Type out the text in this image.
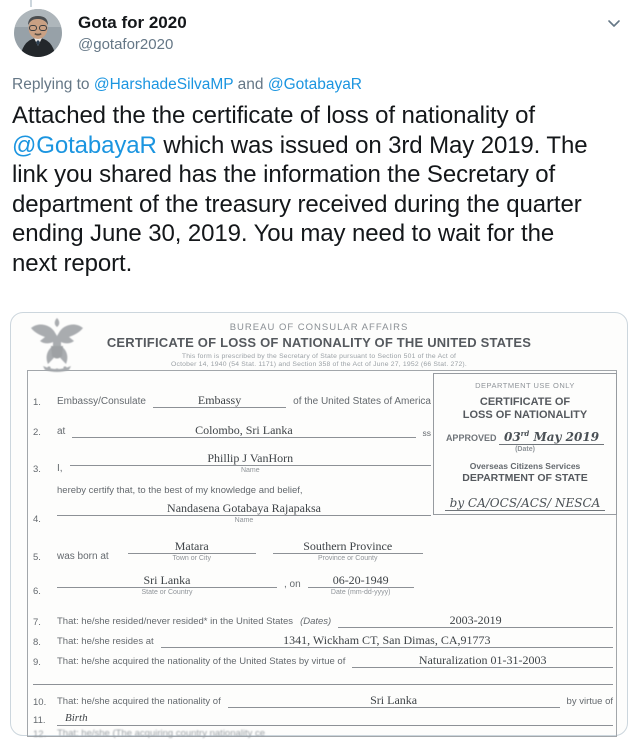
Gota for 2020
@gotafor2020
Replying to @HarshadeSilvaMP and @GotabayaR
Attached the the certificate of loss of nationality of
@GotabayaR which was issued on 3rd May 2019. The
link you shared has the information the Secretary of
department of the treasury received during the quarter
ending June 30, 2019. You may need to wait for the
next report.
BUREAU OF CONSULAR AFFAIRS
CERTIFICATE OF LOSS OF NATIONALITY OF THE UNITED STATES
This form is prescribed by the Secretary of State pursuant to Section 501 of the Act of
October 14, 1940 (54 Stat. 1171) and Section 358 of the Act of June 27, 1952 (66 Stat. 272).
DEPARTMENT USE ONLY
CERTIFICATE OF
LOSS OF NATIONALITY
APPROVED 03rd May 2019
(Date)
Overseas Citizens Services
DEPARTMENT OF STATE
by CA/OCS/ACS/ NESCA
1.	Embassy/Consulate	Embassy	of the United States of America
2.	at	Colombo, Sri Lanka	ss
3.	I,
Phillip J VanHorn
Name
hereby certify that, to the best of my knowledge and belief,
4.
Nandasena Gotabaya Rajapaksa
Name
5.	was born at
Matara
Town or City
Southern Province
Province or County
6.
Sri Lanka
State or Country
, on	06-20-1949
Date (mm-dd-yyyy)
7.	That: he/she resided/never resided* in the United States (Dates)	2003-2019
8.	That: he/she resides at	1341, Wickham CT, San Dimas, CA,91773
9.	That: he/she acquired the nationality of the United States by virtue of	Naturalization 01-31-2003
10.	That: he/she acquired the nationality of	Sri Lanka	by virtue of
11.	Birth
12.	That: he/she (The acquiring country nationality ce
